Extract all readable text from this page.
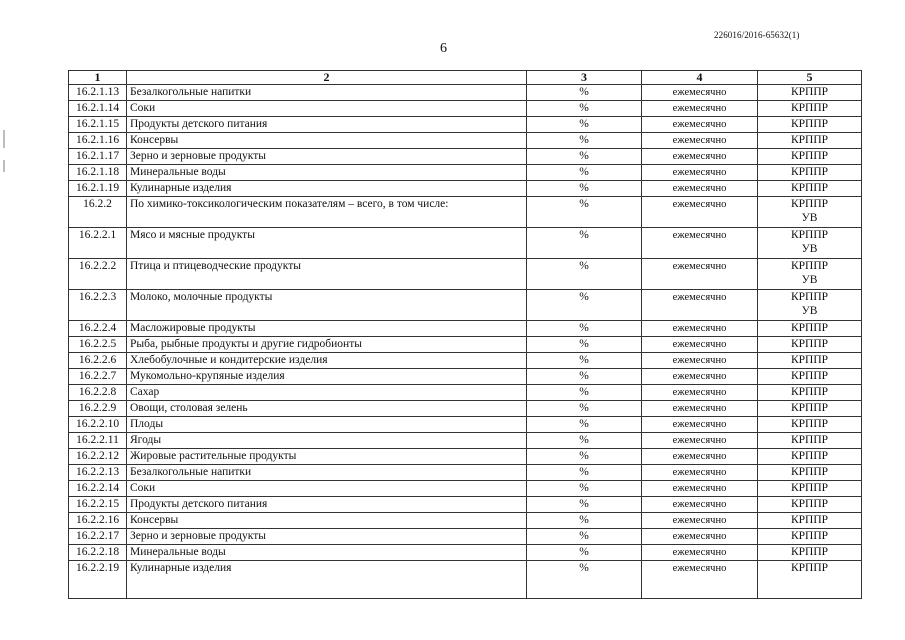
226016/2016-65632(1)
6
1	2	3	4	5
16.2.1.13	Безалкогольные напитки	%	ежемесячно	КРППР

16.2.1.14	Соки	%	ежемесячно	КРППР

16.2.1.15	Продукты детского питания	%	ежемесячно	КРППР

16.2.1.16	Консервы	%	ежемесячно	КРППР

16.2.1.17	Зерно и зерновые продукты	%	ежемесячно	КРППР

16.2.1.18	Минеральные воды	%	ежемесячно	КРППР

16.2.1.19	Кулинарные изделия	%	ежемесячно	КРППР

16.2.2	По химико-токсикологическим показателям – всего, в том числе:	%	ежемесячно	КРППР
УВ

16.2.2.1	Мясо и мясные продукты	%	ежемесячно	КРППР
УВ

16.2.2.2	Птица и птицеводческие продукты	%	ежемесячно	КРППР
УВ

16.2.2.3	Молоко, молочные продукты	%	ежемесячно	КРППР
УВ

16.2.2.4	Масложировые продукты	%	ежемесячно	КРППР

16.2.2.5	Рыба, рыбные продукты и другие гидробионты	%	ежемесячно	КРППР

16.2.2.6	Хлебобулочные и кондитерские изделия	%	ежемесячно	КРППР

16.2.2.7	Мукомольно-крупяные изделия	%	ежемесячно	КРППР

16.2.2.8	Сахар	%	ежемесячно	КРППР

16.2.2.9	Овощи, столовая зелень	%	ежемесячно	КРППР

16.2.2.10	Плоды	%	ежемесячно	КРППР

16.2.2.11	Ягоды	%	ежемесячно	КРППР

16.2.2.12	Жировые растительные продукты	%	ежемесячно	КРППР

16.2.2.13	Безалкогольные напитки	%	ежемесячно	КРППР

16.2.2.14	Соки	%	ежемесячно	КРППР

16.2.2.15	Продукты детского питания	%	ежемесячно	КРППР

16.2.2.16	Консервы	%	ежемесячно	КРППР

16.2.2.17	Зерно и зерновые продукты	%	ежемесячно	КРППР

16.2.2.18	Минеральные воды	%	ежемесячно	КРППР

16.2.2.19	Кулинарные изделия	%	ежемесячно	КРППР
